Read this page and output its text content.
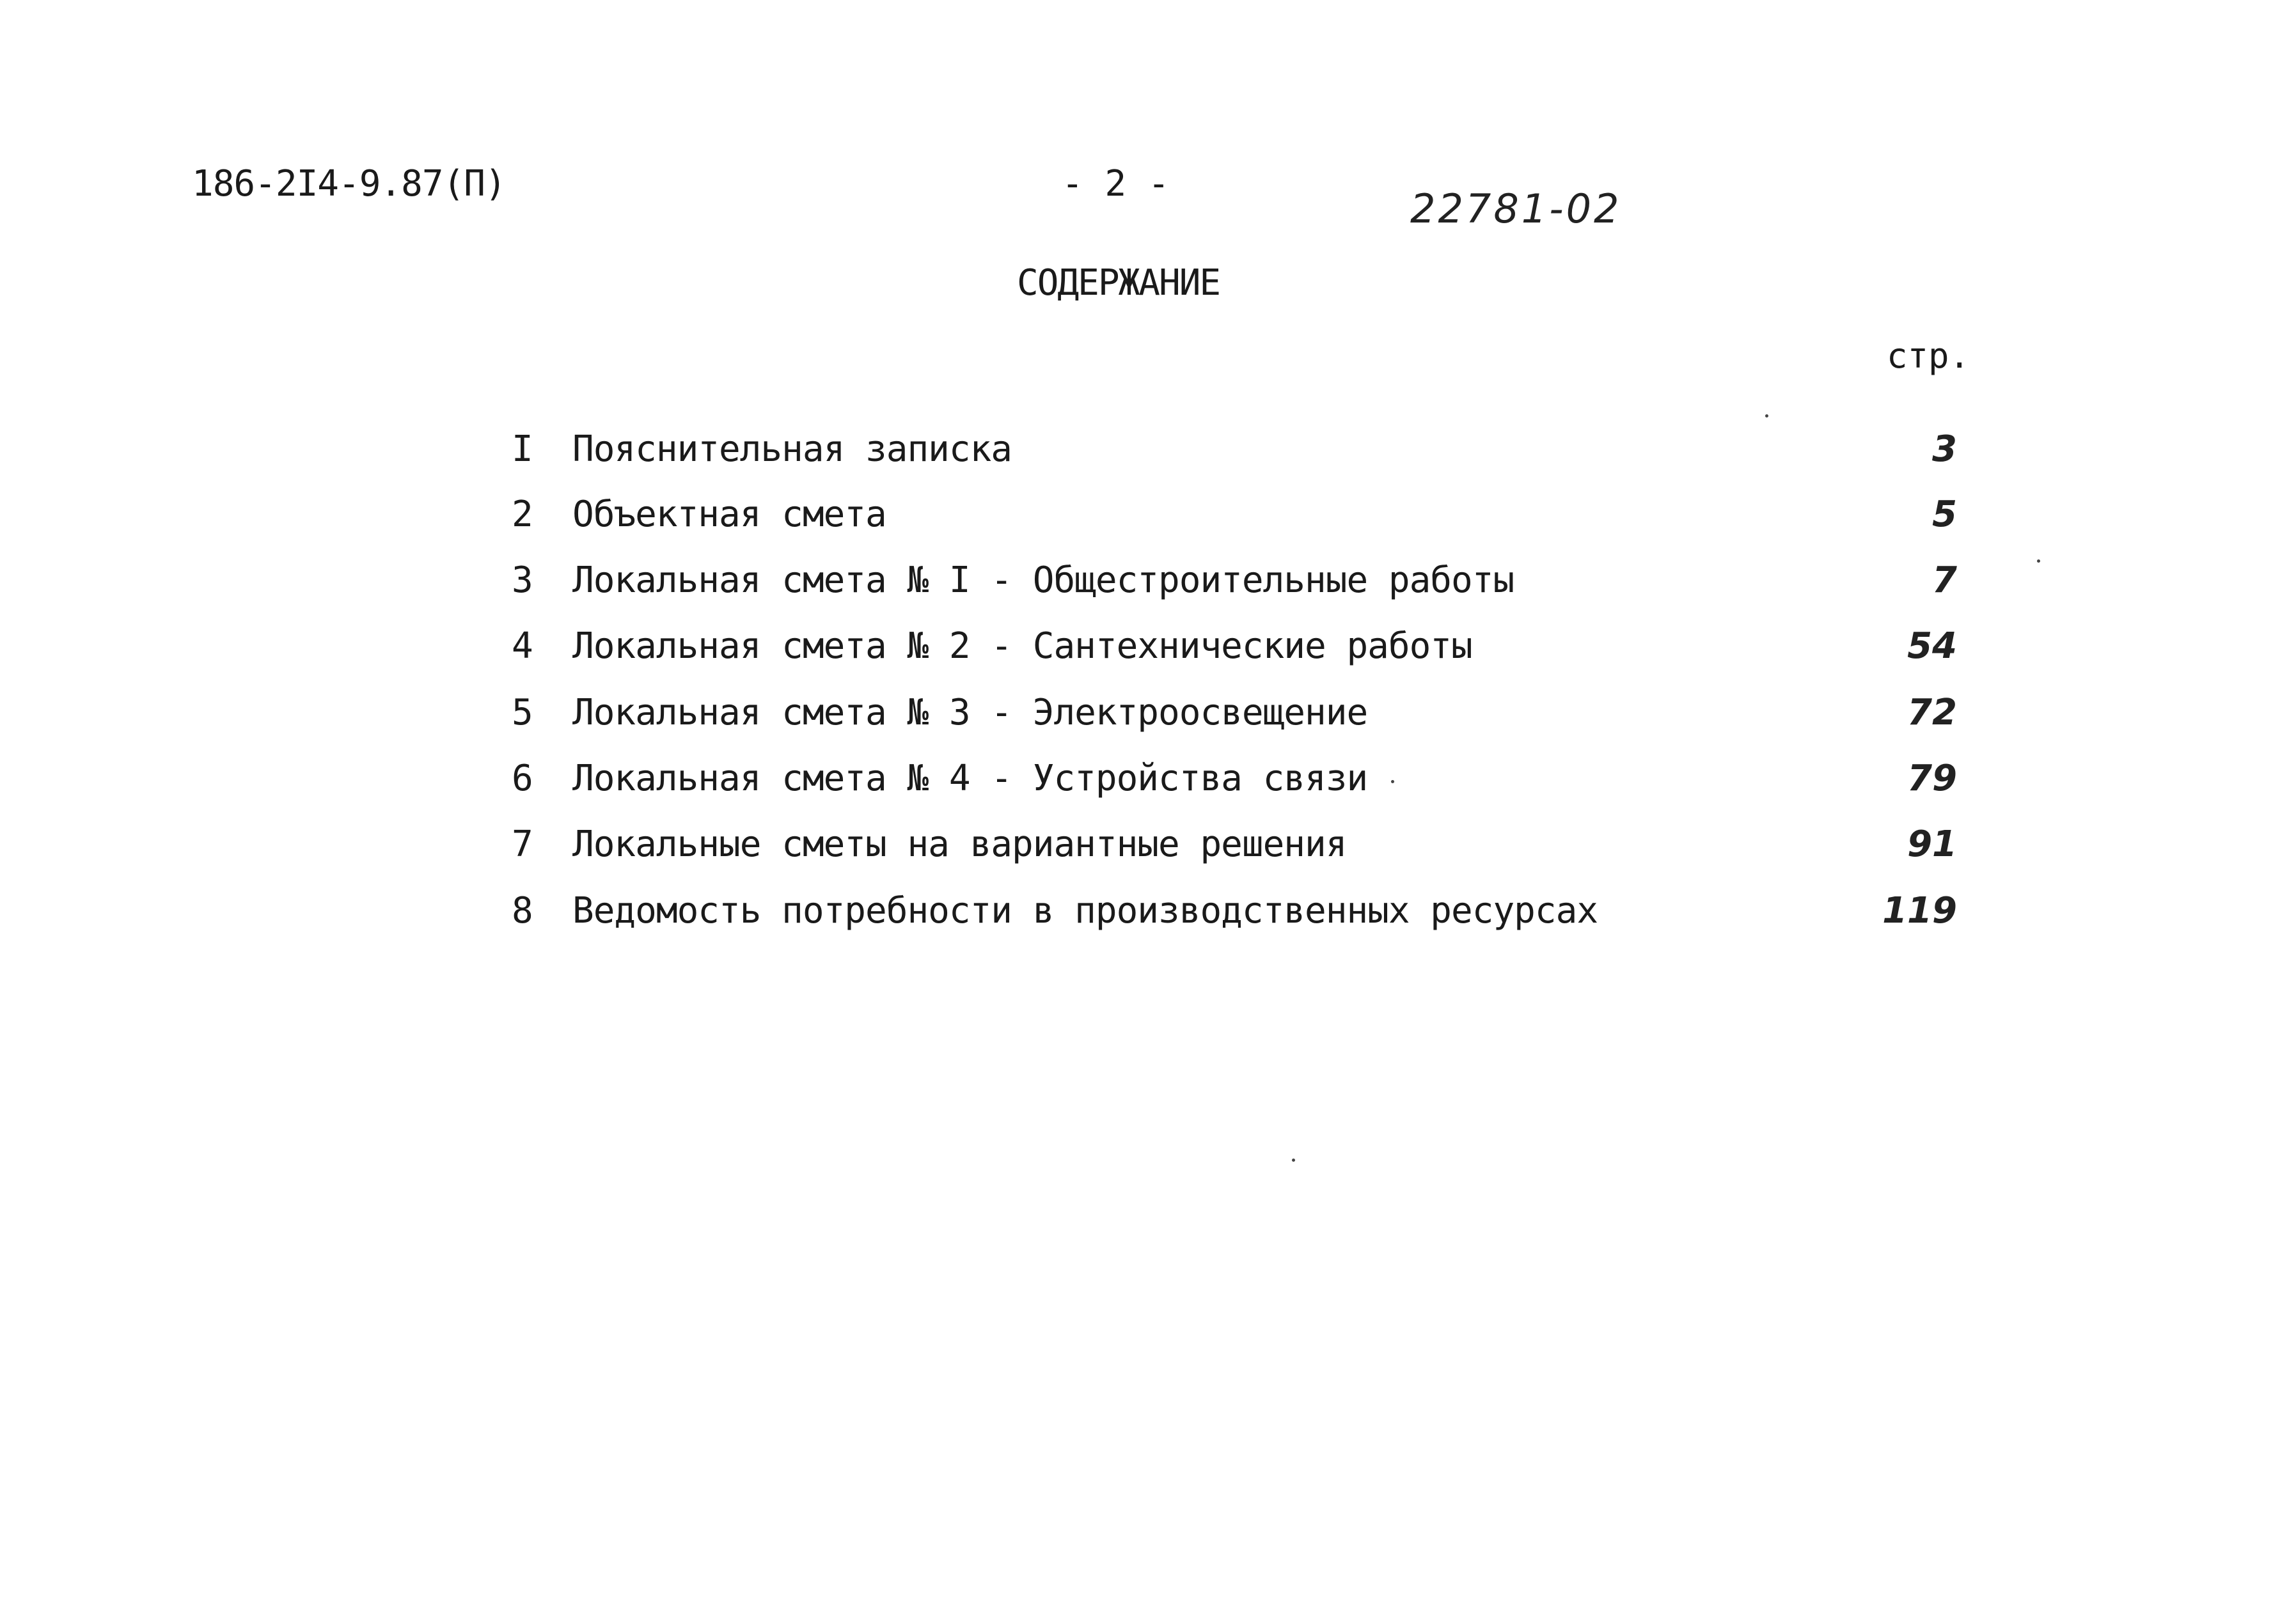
186-2I4-9.87(П)	- 2 -
22781-02
СОДЕРЖАНИЕ
стр.
I Пояснительная записка	3
2 Объектная смета	5
3 Локальная смета № I - Общестроительные работы	7
4 Локальная смета № 2 - Сантехнические работы	54
5 Локальная смета № 3 - Электроосвещение	72
6 Локальная смета № 4 - Устройства связи	79
7 Локальные сметы на вариантные решения	91
8 Ведомость потребности в производственных ресурсах	119
